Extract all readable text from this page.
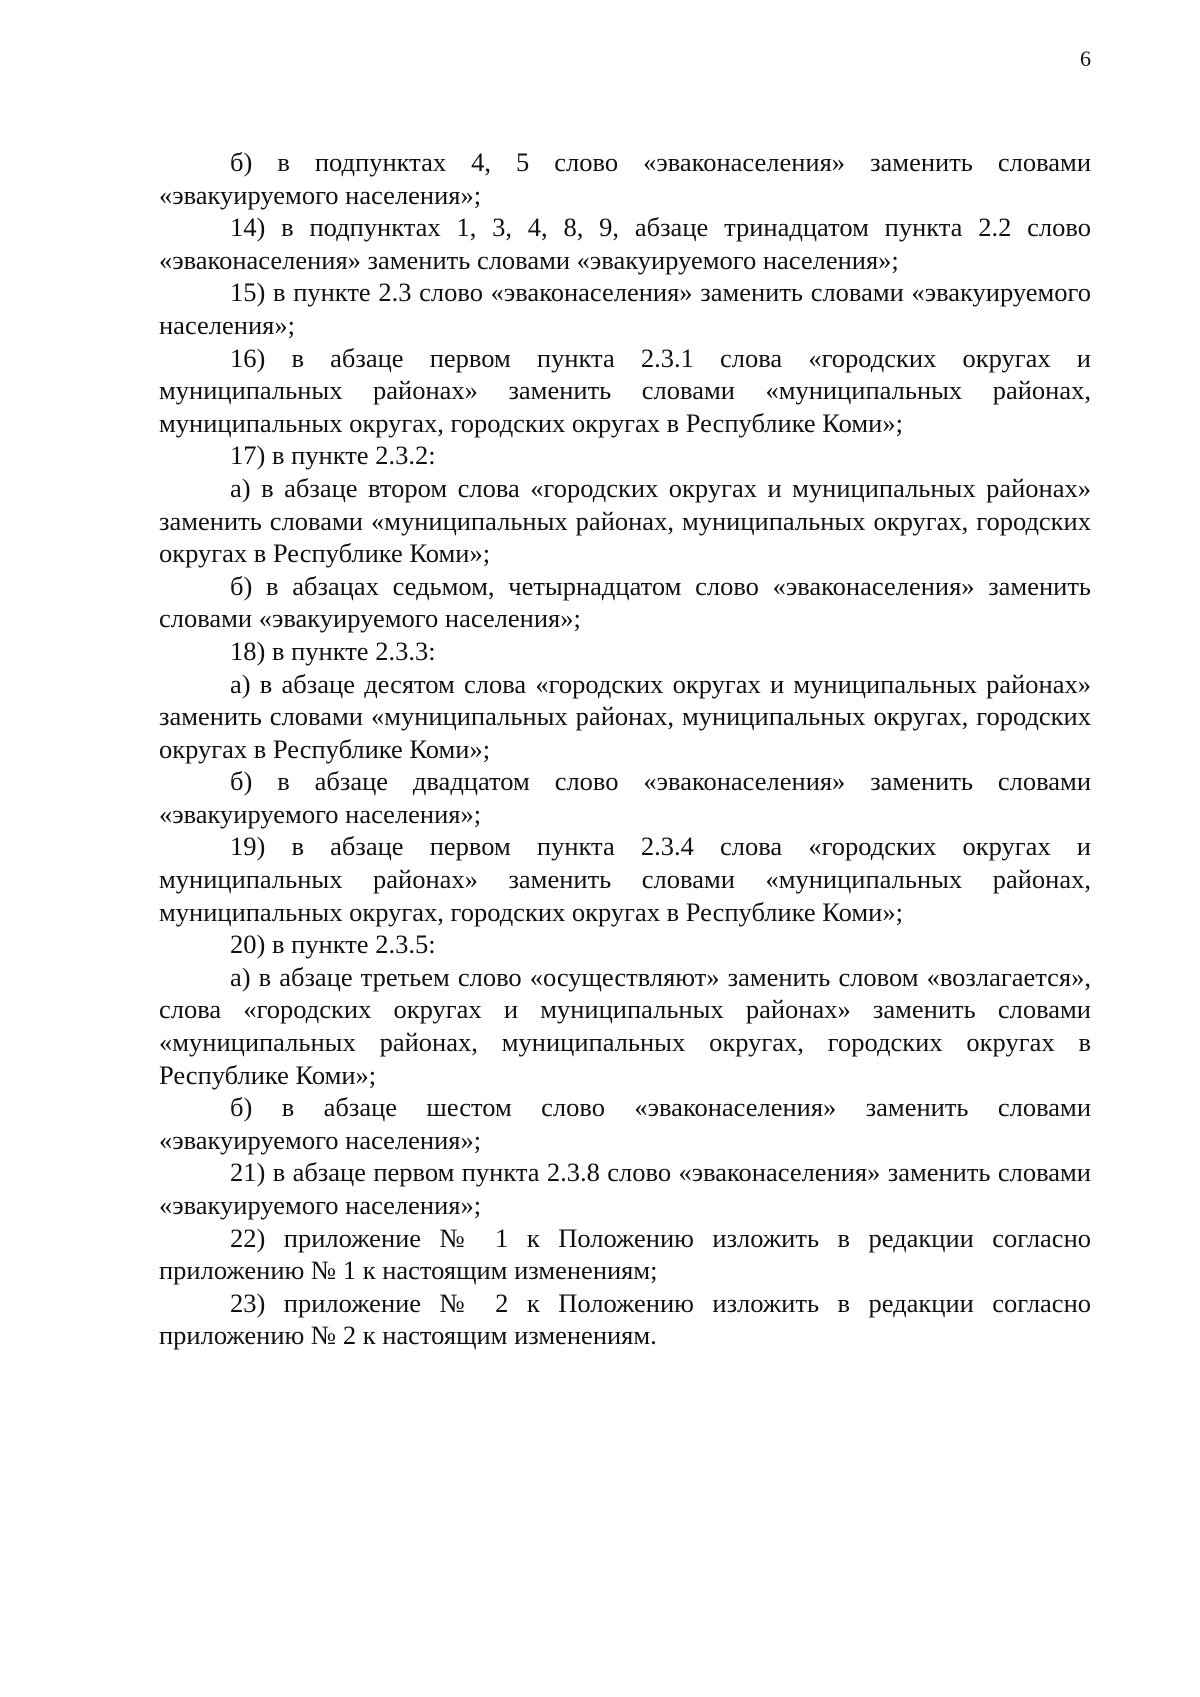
6

б) в подпунктах 4, 5 слово «эваконаселения» заменить словами «эвакуируемого населения»;

14) в подпунктах 1, 3, 4, 8, 9, абзаце тринадцатом пункта 2.2 слово «эваконаселения» заменить словами «эвакуируемого населения»;

15) в пункте 2.3 слово «эваконаселения» заменить словами «эвакуируемого населения»;

16) в абзаце первом пункта 2.3.1 слова «городских округах и муниципальных районах» заменить словами «муниципальных районах, муниципальных округах, городских округах в Республике Коми»;

17) в пункте 2.3.2:

а) в абзаце втором слова «городских округах и муниципальных районах» заменить словами «муниципальных районах, муниципальных округах, городских округах в Республике Коми»;

б) в абзацах седьмом, четырнадцатом слово «эваконаселения» заменить словами «эвакуируемого населения»;

18) в пункте 2.3.3:

а) в абзаце десятом слова «городских округах и муниципальных районах» заменить словами «муниципальных районах, муниципальных округах, городских округах в Республике Коми»;

б) в абзаце двадцатом слово «эваконаселения» заменить словами «эвакуируемого населения»;

19) в абзаце первом пункта 2.3.4 слова «городских округах и муниципальных районах» заменить словами «муниципальных районах, муниципальных округах, городских округах в Республике Коми»;

20) в пункте 2.3.5:

а) в абзаце третьем слово «осуществляют» заменить словом «возлагается», слова «городских округах и муниципальных районах» заменить словами «муниципальных районах, муниципальных округах, городских округах в Республике Коми»;

б) в абзаце шестом слово «эваконаселения» заменить словами «эвакуируемого населения»;

21) в абзаце первом пункта 2.3.8 слово «эваконаселения» заменить словами «эвакуируемого населения»;

22) приложение № 1 к Положению изложить в редакции согласно приложению № 1 к настоящим изменениям;

23) приложение № 2 к Положению изложить в редакции согласно приложению № 2 к настоящим изменениям.
